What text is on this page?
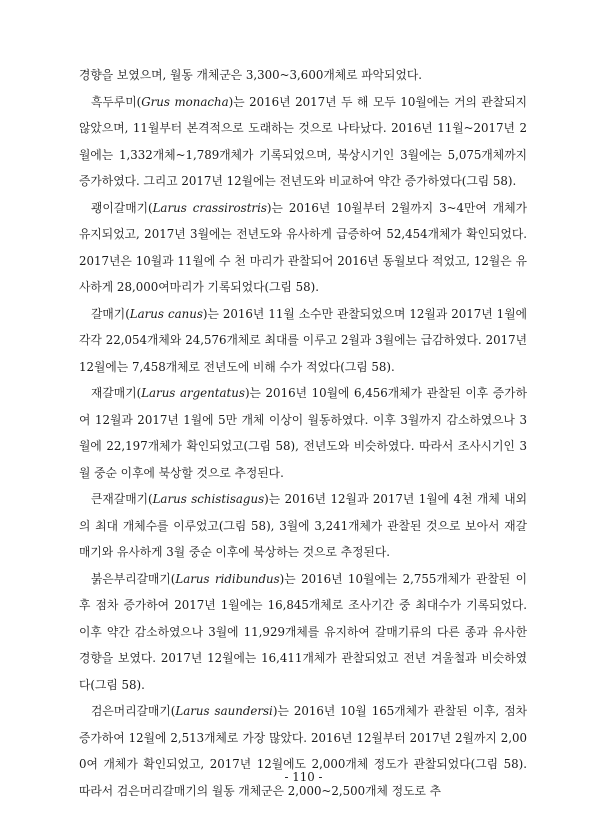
경향을 보였으며, 월동 개체군은 3,300~3,600개체로 파악되었다.

흑두루미(Grus monacha)는 2016년 2017년 두 해 모두 10월에는 거의 관찰되지 않았으며, 11월부터 본격적으로 도래하는 것으로 나타났다. 2016년 11월~2017년 2월에는 1,332개체~1,789개체가 기록되었으며, 북상시기인 3월에는 5,075개체까지 증가하였다. 그리고 2017년 12월에는 전년도와 비교하여 약간 증가하였다(그림 58).

괭이갈매기(Larus crassirostris)는 2016년 10월부터 2월까지 3~4만여 개체가 유지되었고, 2017년 3월에는 전년도와 유사하게 급증하여 52,454개체가 확인되었다. 2017년은 10월과 11월에 수 천 마리가 관찰되어 2016년 동월보다 적었고, 12월은 유사하게 28,000여마리가 기록되었다(그림 58).

갈매기(Larus canus)는 2016년 11월 소수만 관찰되었으며 12월과 2017년 1월에 각각 22,054개체와 24,576개체로 최대를 이루고 2월과 3월에는 급감하였다. 2017년 12월에는 7,458개체로 전년도에 비해 수가 적었다(그림 58).

재갈매기(Larus argentatus)는 2016년 10월에 6,456개체가 관찰된 이후 증가하여 12월과 2017년 1월에 5만 개체 이상이 월동하였다. 이후 3월까지 감소하였으나 3월에 22,197개체가 확인되었고(그림 58), 전년도와 비슷하였다. 따라서 조사시기인 3월 중순 이후에 북상할 것으로 추정된다.

큰재갈매기(Larus schistisagus)는 2016년 12월과 2017년 1월에 4천 개체 내외의 최대 개체수를 이루었고(그림 58), 3월에 3,241개체가 관찰된 것으로 보아서 재갈매기와 유사하게 3월 중순 이후에 북상하는 것으로 추정된다.

붉은부리갈매기(Larus ridibundus)는 2016년 10월에는 2,755개체가 관찰된 이후 점차 증가하여 2017년 1월에는 16,845개체로 조사기간 중 최대수가 기록되었다. 이후 약간 감소하였으나 3월에 11,929개체를 유지하여 갈매기류의 다른 종과 유사한 경향을 보였다. 2017년 12월에는 16,411개체가 관찰되었고 전년 겨울철과 비슷하였다(그림 58).

검은머리갈매기(Larus saundersi)는 2016년 10월 165개체가 관찰된 이후, 점차 증가하여 12월에 2,513개체로 가장 많았다. 2016년 12월부터 2017년 2월까지 2,000여 개체가 확인되었고, 2017년 12월에도 2,000개체 정도가 관찰되었다(그림 58). 따라서 검은머리갈매기의 월동 개체군은 2,000~2,500개체 정도로 추

- 110 -
